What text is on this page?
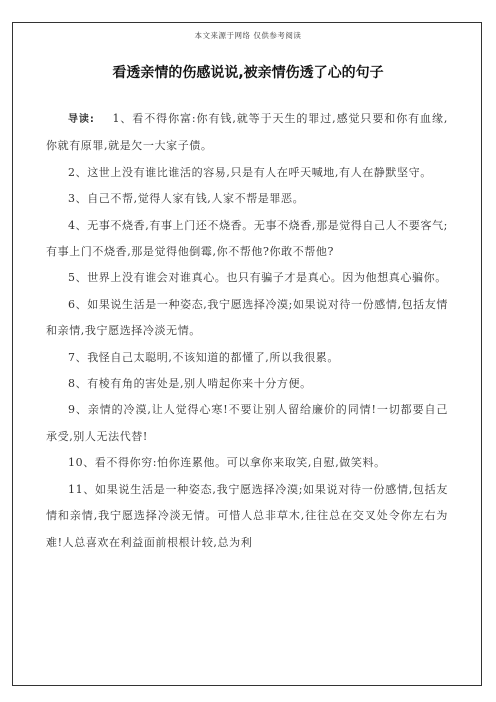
本文来源于网络 仅供参考阅读
看透亲情的伤感说说,被亲情伤透了心的句子

导读: 1、看不得你富:你有钱,就等于天生的罪过,感觉只要和你有血缘,你就有原罪,就是欠一大家子债。

2、这世上没有谁比谁活的容易,只是有人在呼天喊地,有人在静默坚守。

3、自己不帮,觉得人家有钱,人家不帮是罪恶。

4、无事不烧香,有事上门还不烧香。无事不烧香,那是觉得自己人不要客气;有事上门不烧香,那是觉得他倒霉,你不帮他?你敢不帮他?

5、世界上没有谁会对谁真心。也只有骗子才是真心。因为他想真心骗你。

6、如果说生活是一种姿态,我宁愿选择冷漠;如果说对待一份感情,包括友情和亲情,我宁愿选择冷淡无情。

7、我怪自己太聪明,不该知道的都懂了,所以我很累。

8、有棱有角的害处是,别人啃起你来十分方便。

9、亲情的冷漠,让人觉得心寒!不要让别人留给廉价的同情!一切都要自己承受,别人无法代替!

10、看不得你穷:怕你连累他。可以拿你来取笑,自慰,做笑料。

11、如果说生活是一种姿态,我宁愿选择冷漠;如果说对待一份感情,包括友情和亲情,我宁愿选择冷淡无情。可惜人总非草木,往往总在交叉处令你左右为难!人总喜欢在利益面前根根计较,总为利
